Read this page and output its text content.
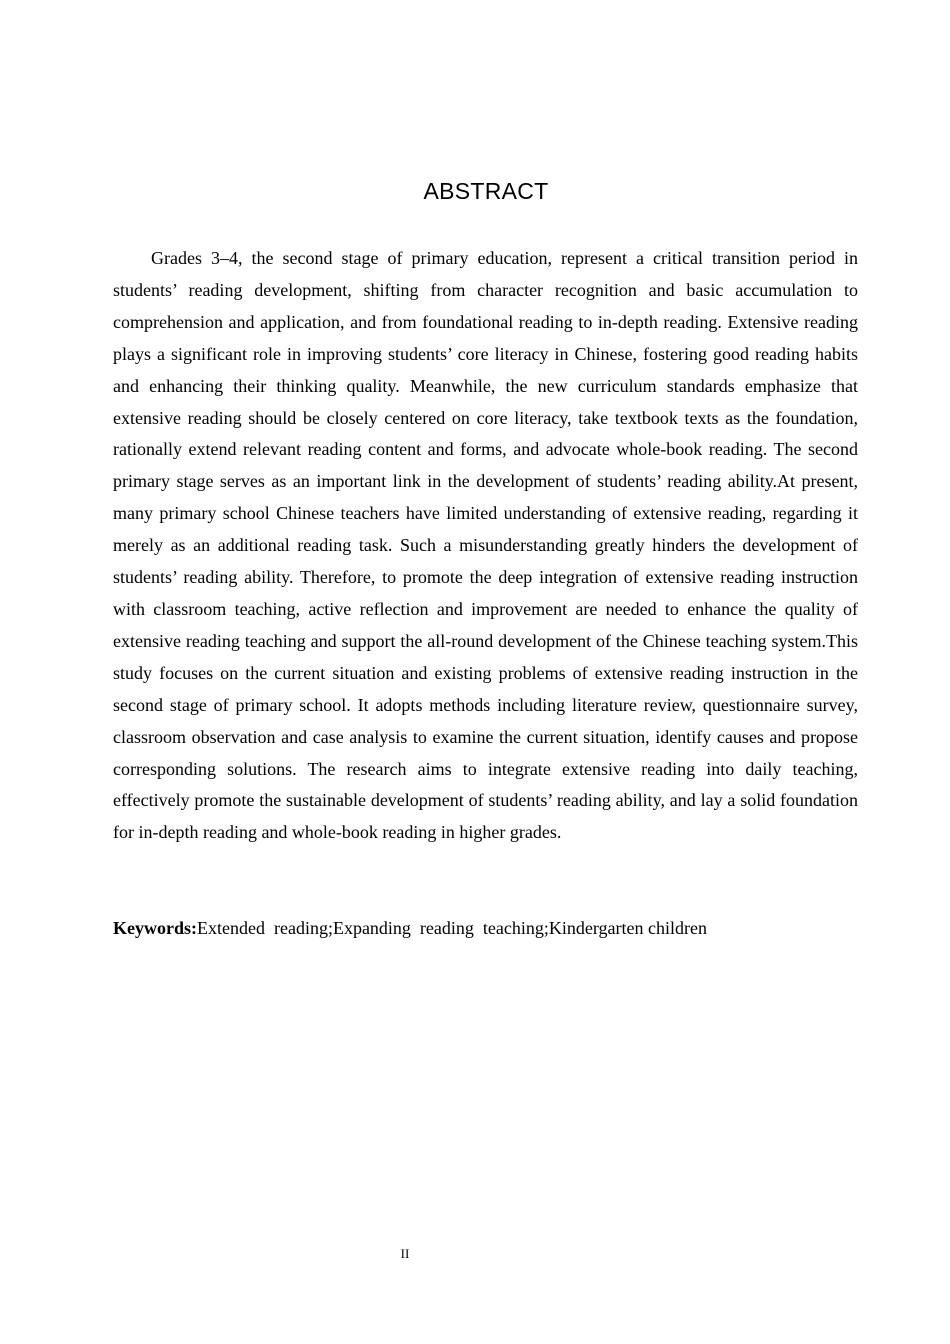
ABSTRACT

Grades 3–4, the second stage of primary education, represent a critical transition period in students’ reading development, shifting from character recognition and basic accumulation to comprehension and application, and from foundational reading to in-depth reading. Extensive reading plays a significant role in improving students’ core literacy in Chinese, fostering good reading habits and enhancing their thinking quality. Meanwhile, the new curriculum standards emphasize that extensive reading should be closely centered on core literacy, take textbook texts as the foundation, rationally extend relevant reading content and forms, and advocate whole-book reading. The second primary stage serves as an important link in the development of students’ reading ability.At present, many primary school Chinese teachers have limited understanding of extensive reading, regarding it merely as an additional reading task. Such a misunderstanding greatly hinders the development of students’ reading ability. Therefore, to promote the deep integration of extensive reading instruction with classroom teaching, active reflection and improvement are needed to enhance the quality of extensive reading teaching and support the all-round development of the Chinese teaching system.This study focuses on the current situation and existing problems of extensive reading instruction in the second stage of primary school. It adopts methods including literature review, questionnaire survey, classroom observation and case analysis to examine the current situation, identify causes and propose corresponding solutions. The research aims to integrate extensive reading into daily teaching, effectively promote the sustainable development of students’ reading ability, and lay a solid foundation for in-depth reading and whole-book reading in higher grades.

Keywords:Extended  reading;Expanding  reading  teaching;Kindergarten children

II
